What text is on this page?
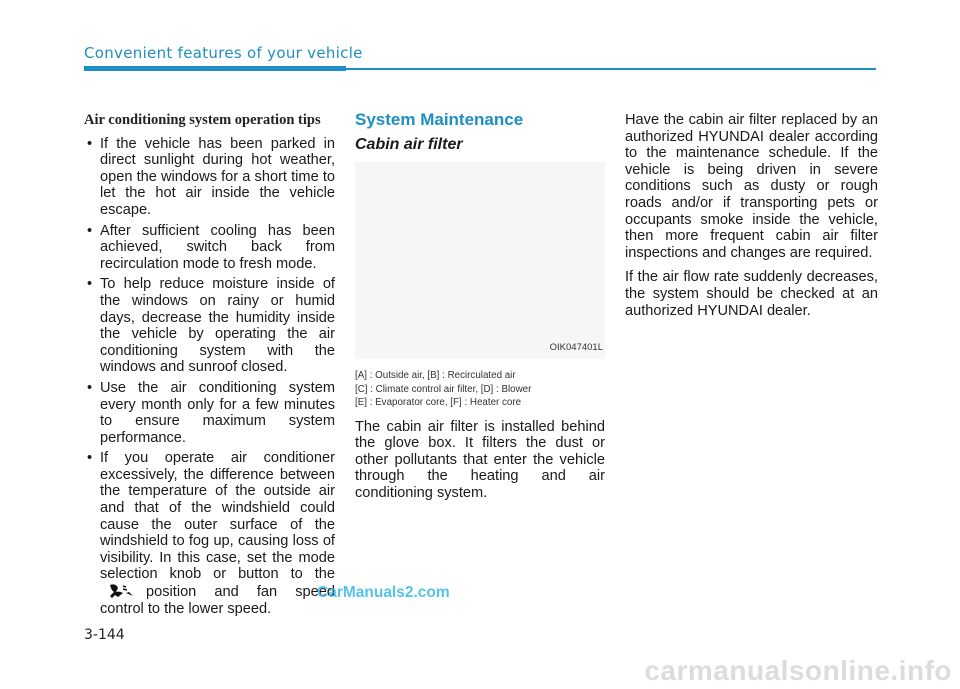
Convenient features of your vehicle
Air conditioning system operation tips
• If the vehicle has been parked in direct sunlight during hot weather, open the windows for a short time to let the hot air inside the vehicle escape.
• After sufficient cooling has been achieved, switch back from recirculation mode to fresh mode.
• To help reduce moisture inside of the windows on rainy or humid days, decrease the humidity inside the vehicle by operating the air conditioning system with the windows and sunroof closed.
• Use the air conditioning system every month only for a few minutes to ensure maximum system performance.
• If you operate air conditioner excessively, the difference between the temperature of the outside air and that of the windshield could cause the outer surface of the windshield to fog up, causing loss of visibility. In this case, set the mode selection knob or button to theposition and fan speed control to the lower speed.
System Maintenance
Cabin air filter
OIK047401L
[A] : Outside air, [B] : Recirculated air
[C] : Climate control air filter, [D] : Blower
[E] : Evaporator core, [F] : Heater core
The cabin air filter is installed behind the glove box. It filters the dust or other pollutants that enter the vehicle through the heating and air conditioning system.

Have the cabin air filter replaced by an authorized HYUNDAI dealer according to the maintenance schedule. If the vehicle is being driven in severe conditions such as dusty or rough roads and/or if transporting pets or occupants smoke inside the vehicle, then more frequent cabin air filter inspections and changes are required.

If the air flow rate suddenly decreases, the system should be checked at an authorized HYUNDAI dealer.

CarManuals2.com
3-144
carmanualsonline.info
